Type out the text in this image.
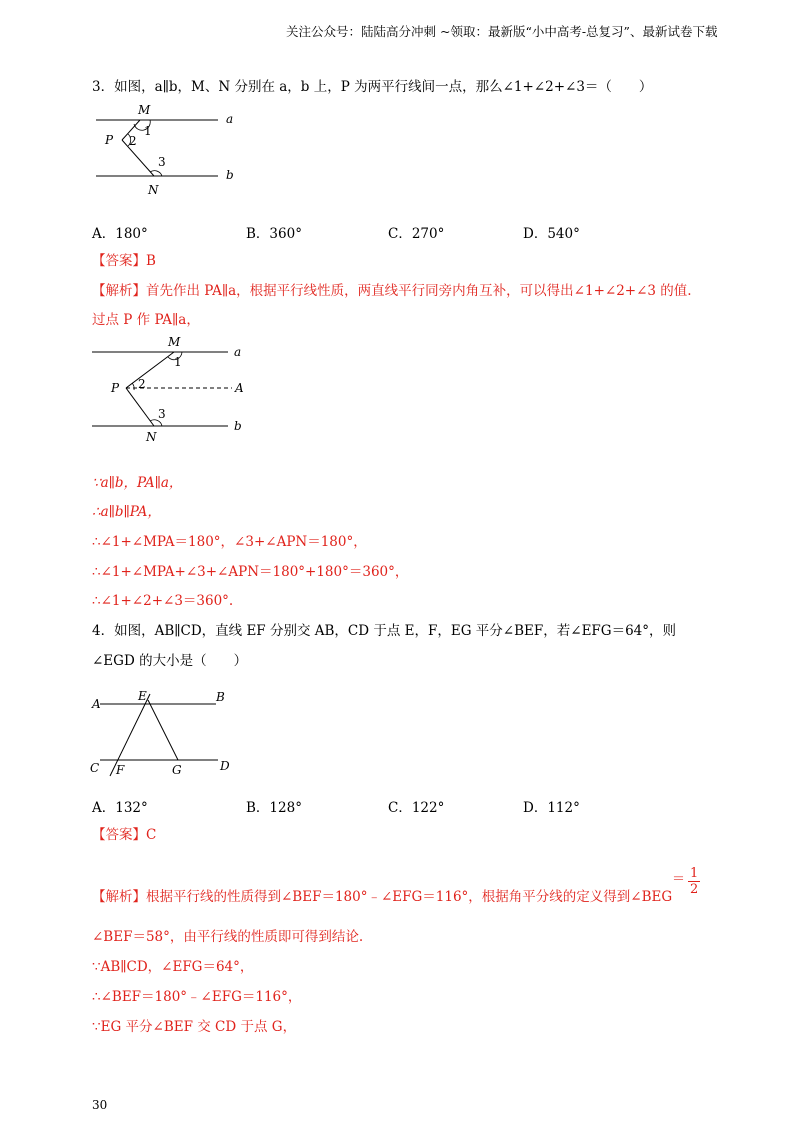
关注公众号：陆陆高分冲刺 ~领取：最新版“小中高考-总复习”、最新试卷下载
3．如图，a∥b，M、N 分别在 a，b 上，P 为两平行线间一点，那么∠1+∠2+∠3＝（　　）
M
P
N
a
b
1
2
3
A．180°	B．360°	C．270°	D．540°
【答案】B
【解析】首先作出 PA∥a，根据平行线性质，两直线平行同旁内角互补，可以得出∠1+∠2+∠3 的值.
过点 P 作 PA∥a，
M
P
N
A
a
b
1
2
3
∵a∥b，PA∥a，
∴a∥b∥PA，
∴∠1+∠MPA＝180°，∠3+∠APN＝180°，
∴∠1+∠MPA+∠3+∠APN＝180°+180°＝360°，
∴∠1+∠2+∠3＝360°.
4．如图，AB∥CD，直线 EF 分别交 AB，CD 于点 E，F，EG 平分∠BEF，若∠EFG＝64°，则
∠EGD 的大小是（　　）
A	B
C	D
E
F	G
A．132°	B．128°	C．122°	D．112°
【答案】C
【解析】根据平行线的性质得到∠BEF＝180°﹣∠EFG＝116°，根据角平分线的定义得到∠BEG
＝ $\frac{1}{2}$
∠BEF＝58°，由平行线的性质即可得到结论.
∵AB∥CD，∠EFG＝64°，
∴∠BEF＝180°﹣∠EFG＝116°，
∵EG 平分∠BEF 交 CD 于点 G，
30
